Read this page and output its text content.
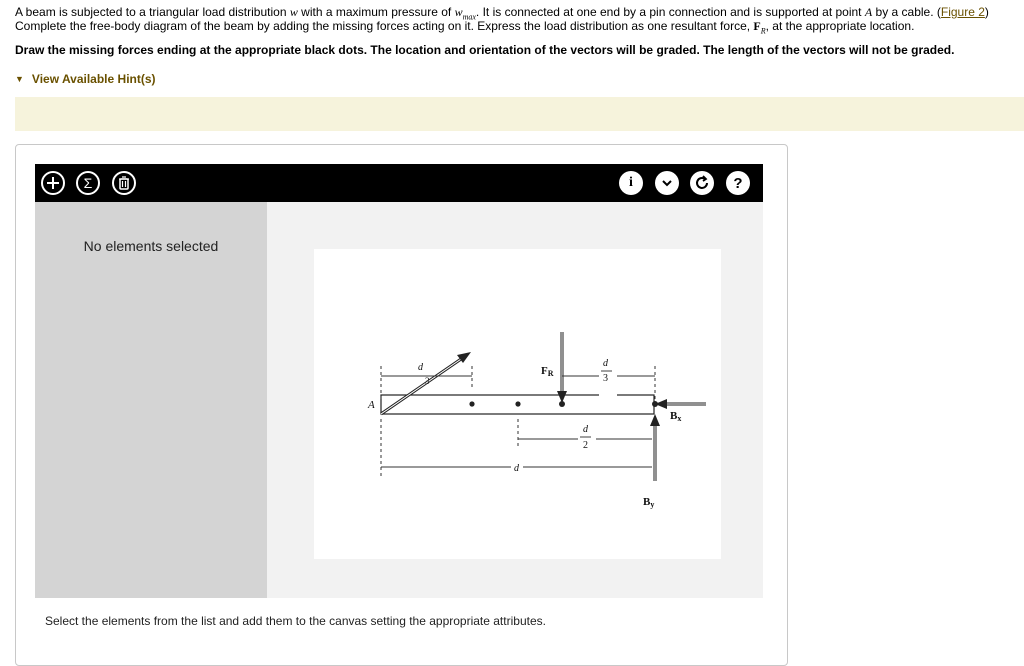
A beam is subjected to a triangular load distribution w with a maximum pressure of $w_{max}$. It is connected at one end by a pin connection and is supported at point A by a cable. (Figure 2)
Complete the free-body diagram of the beam by adding the missing forces acting on it. Express the load distribution as one resultant force, $F_R$, at the appropriate location.
Draw the missing forces ending at the appropriate black dots. The location and orientation of the vectors will be graded. The length of the vectors will not be graded.
▼ View Available Hint(s)
Σ	i	?
No elements selected
A
d
3
FR
d
3
Bx
By
d
2
d
Select the elements from the list and add them to the canvas setting the appropriate attributes.
